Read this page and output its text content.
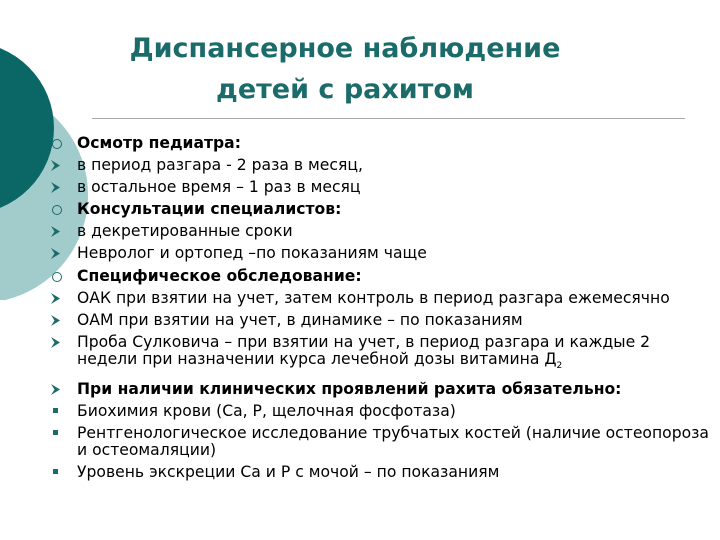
Диспансерное наблюдение
детей с рахитом
Осмотр педиатра:
в период разгара - 2 раза в месяц,
в остальное время – 1 раз в месяц
Консультации специалистов:
в декретированные сроки
Невролог и ортопед –по показаниям чаще
Специфическое обследование:
ОАК при взятии на учет, затем контроль в период разгара ежемесячно
ОАМ при взятии на учет, в динамике – по показаниям
Проба Сулковича – при взятии на учет, в период разгара и каждые 2 недели при назначении курса лечебной дозы витамина $Д_2$
При наличии клинических проявлений рахита обязательно:
Биохимия крови (Са, Р, щелочная фосфотаза)
Рентгенологическое исследование трубчатых костей (наличие остеопороза и остеомаляции)
Уровень экскреции Са и Р с мочой – по показаниям
